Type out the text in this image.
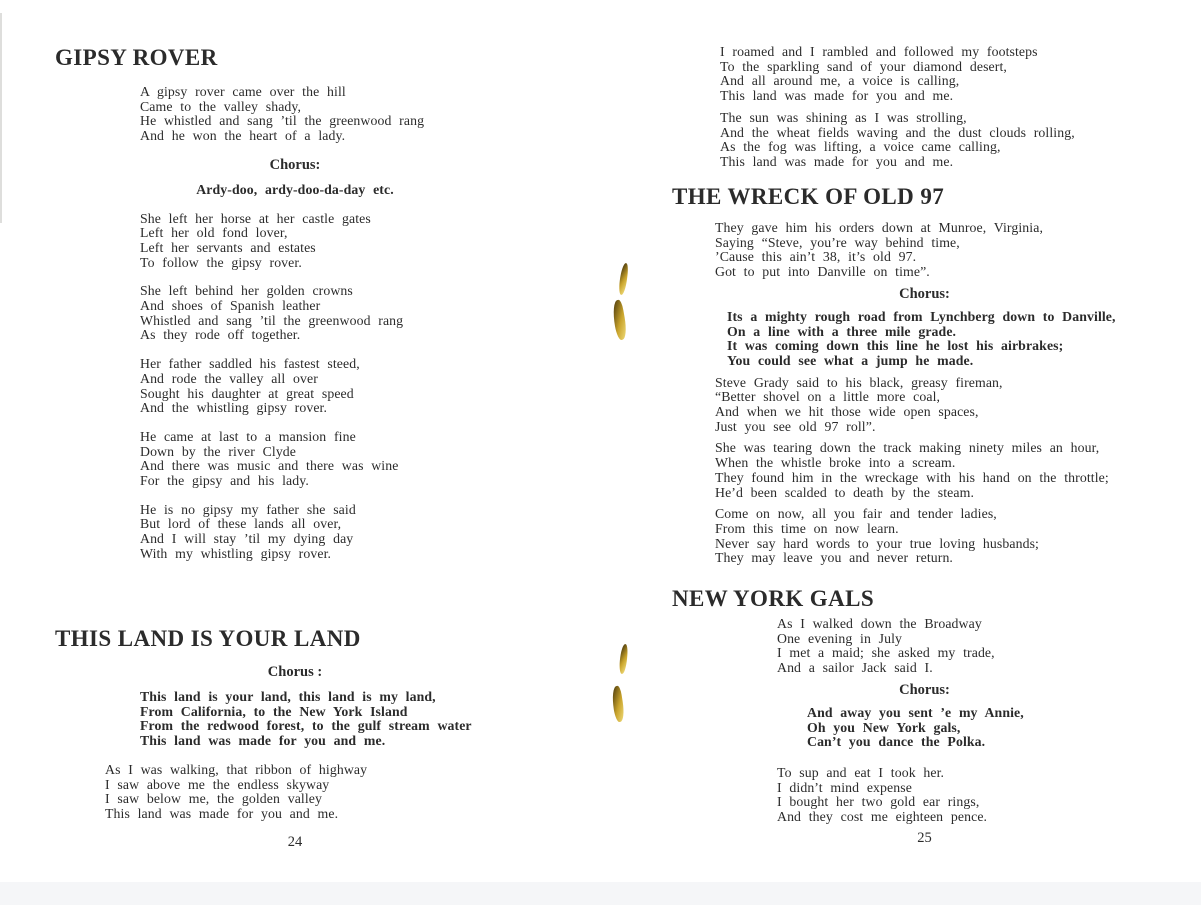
GIPSY ROVER
A gipsy rover came over the hill
Came to the valley shady,
He whistled and sang ’til the greenwood rang
And he won the heart of a lady.
Chorus:
Ardy-doo, ardy-doo-da-day etc.
She left her horse at her castle gates
Left her old fond lover,
Left her servants and estates
To follow the gipsy rover.
She left behind her golden crowns
And shoes of Spanish leather
Whistled and sang ’til the greenwood rang
As they rode off together.
Her father saddled his fastest steed,
And rode the valley all over
Sought his daughter at great speed
And the whistling gipsy rover.
He came at last to a mansion fine
Down by the river Clyde
And there was music and there was wine
For the gipsy and his lady.
He is no gipsy my father she said
But lord of these lands all over,
And I will stay ’til my dying day
With my whistling gipsy rover.
THIS LAND IS YOUR LAND
Chorus :
This land is your land, this land is my land,
From California, to the New York Island
From the redwood forest, to the gulf stream water
This land was made for you and me.
As I was walking, that ribbon of highway
I saw above me the endless skyway
I saw below me, the golden valley
This land was made for you and me.
24
I roamed and I rambled and followed my footsteps
To the sparkling sand of your diamond desert,
And all around me, a voice is calling,
This land was made for you and me.
The sun was shining as I was strolling,
And the wheat fields waving and the dust clouds rolling,
As the fog was lifting, a voice came calling,
This land was made for you and me.
THE WRECK OF OLD 97
They gave him his orders down at Munroe, Virginia,
Saying “Steve, you’re way behind time,
’Cause this ain’t 38, it’s old 97.
Got to put into Danville on time”.
Chorus:
Its a mighty rough road from Lynchberg down to Danville,
On a line with a three mile grade.
It was coming down this line he lost his airbrakes;
You could see what a jump he made.
Steve Grady said to his black, greasy fireman,
“Better shovel on a little more coal,
And when we hit those wide open spaces,
Just you see old 97 roll”.
She was tearing down the track making ninety miles an hour,
When the whistle broke into a scream.
They found him in the wreckage with his hand on the throttle;
He’d been scalded to death by the steam.
Come on now, all you fair and tender ladies,
From this time on now learn.
Never say hard words to your true loving husbands;
They may leave you and never return.
NEW YORK GALS
As I walked down the Broadway
One evening in July
I met a maid; she asked my trade,
And a sailor Jack said I.
Chorus:
And away you sent ’e my Annie,
Oh you New York gals,
Can’t you dance the Polka.
To sup and eat I took her.
I didn’t mind expense
I bought her two gold ear rings,
And they cost me eighteen pence.
25
